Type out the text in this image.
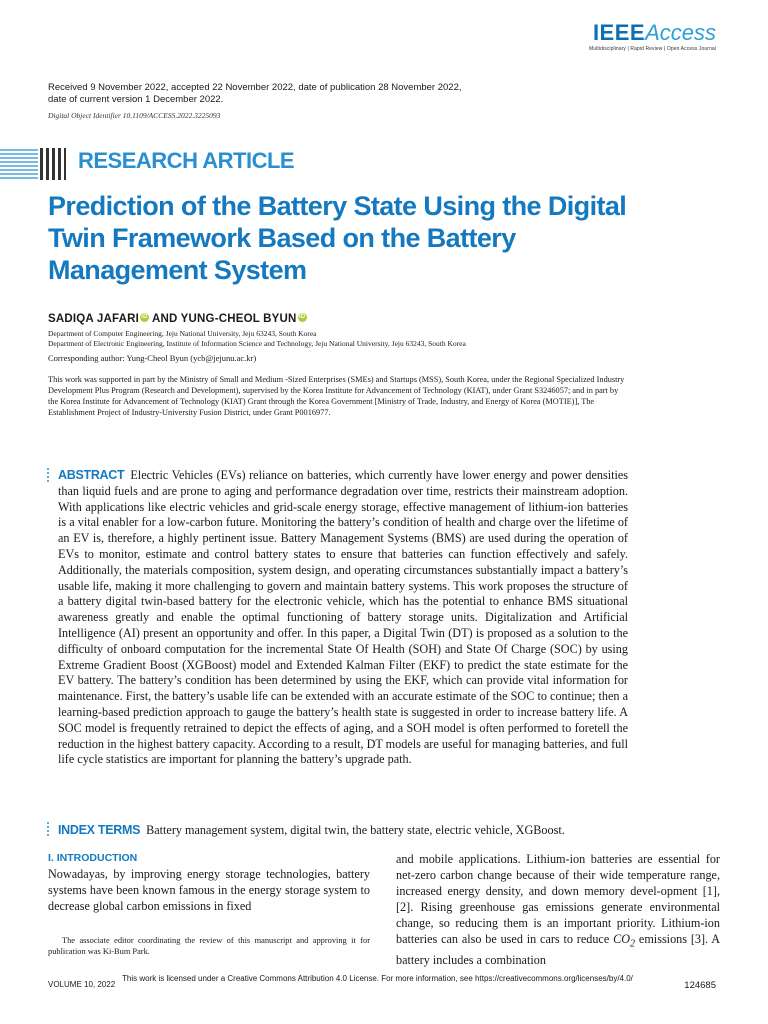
IEEEAccess
Multidisciplinary | Rapid Review | Open Access Journal
Received 9 November 2022, accepted 22 November 2022, date of publication 28 November 2022,
date of current version 1 December 2022.
Digital Object Identifier 10.1109/ACCESS.2022.3225093
RESEARCH ARTICLE
Prediction of the Battery State Using the Digital
Twin Framework Based on the Battery
Management System
SADIQA JAFARI iD AND YUNG-CHEOL BYUN iD
Department of Computer Engineering, Jeju National University, Jeju 63243, South Korea
Department of Electronic Engineering, Institute of Information Science and Technology, Jeju National University, Jeju 63243, South Korea
Corresponding author: Yung-Cheol Byun (ycb@jejunu.ac.kr)
This work was supported in part by the Ministry of Small and Medium -Sized Enterprises (SMEs) and Startups (MSS), South Korea, under the Regional Specialized Industry Development Plus Program (Research and Development), supervised by the Korea Institute for Advancement of Technology (KIAT), under Grant S3246057; and in part by the Korea Institute for Advancement of Technology (KIAT) Grant through the Korea Government [Ministry of Trade, Industry, and Energy of Korea (MOTIE)], The Establishment Project of Industry-University Fusion District, under Grant P0016977.
ABSTRACT Electric Vehicles (EVs) reliance on batteries, which currently have lower energy and power densities than liquid fuels and are prone to aging and performance degradation over time, restricts their mainstream adoption. With applications like electric vehicles and grid-scale energy storage, effective management of lithium-ion batteries is a vital enabler for a low-carbon future. Monitoring the battery’s condition of health and charge over the lifetime of an EV is, therefore, a highly pertinent issue. Battery Management Systems (BMS) are used during the operation of EVs to monitor, estimate and control battery states to ensure that batteries can function effectively and safely. Additionally, the materials composition, system design, and operating circumstances substantially impact a battery’s usable life, making it more challenging to govern and maintain battery systems. This work proposes the structure of a battery digital twin-based battery for the electronic vehicle, which has the potential to enhance BMS situational awareness greatly and enable the optimal functioning of battery storage units. Digitalization and Artificial Intelligence (AI) present an opportunity and offer. In this paper, a Digital Twin (DT) is proposed as a solution to the difficulty of onboard computation for the incremental State Of Health (SOH) and State Of Charge (SOC) by using Extreme Gradient Boost (XGBoost) model and Extended Kalman Filter (EKF) to predict the state estimate for the EV battery. The battery’s condition has been determined by using the EKF, which can provide vital information for maintenance. First, the battery’s usable life can be extended with an accurate estimate of the SOC to continue; then a learning-based prediction approach to gauge the battery’s health state is suggested in order to increase battery life. A SOC model is frequently retrained to depict the effects of aging, and a SOH model is often performed to foretell the reduction in the highest battery capacity. According to a result, DT models are useful for managing batteries, and full life cycle statistics are important for planning the battery’s upgrade path.
INDEX TERMS Battery management system, digital twin, the battery state, electric vehicle, XGBoost.
I. INTRODUCTION
Nowadayas, by improving energy storage technologies, battery systems have been known famous in the energy storage system to decrease global carbon emissions in fixed
The associate editor coordinating the review of this manuscript and approving it for publication was Ki-Bum Park.
and mobile applications. Lithium-ion batteries are essential for net-zero carbon change because of their wide temperature range, increased energy density, and down memory devel-opment [1], [2]. Rising greenhouse gas emissions generate environmental change, so reducing them is an important priority. Lithium-ion batteries can also be used in cars to reduce $CO_2$ emissions [3]. A battery includes a combination
VOLUME 10, 2022
This work is licensed under a Creative Commons Attribution 4.0 License. For more information, see https://creativecommons.org/licenses/by/4.0/
124685
